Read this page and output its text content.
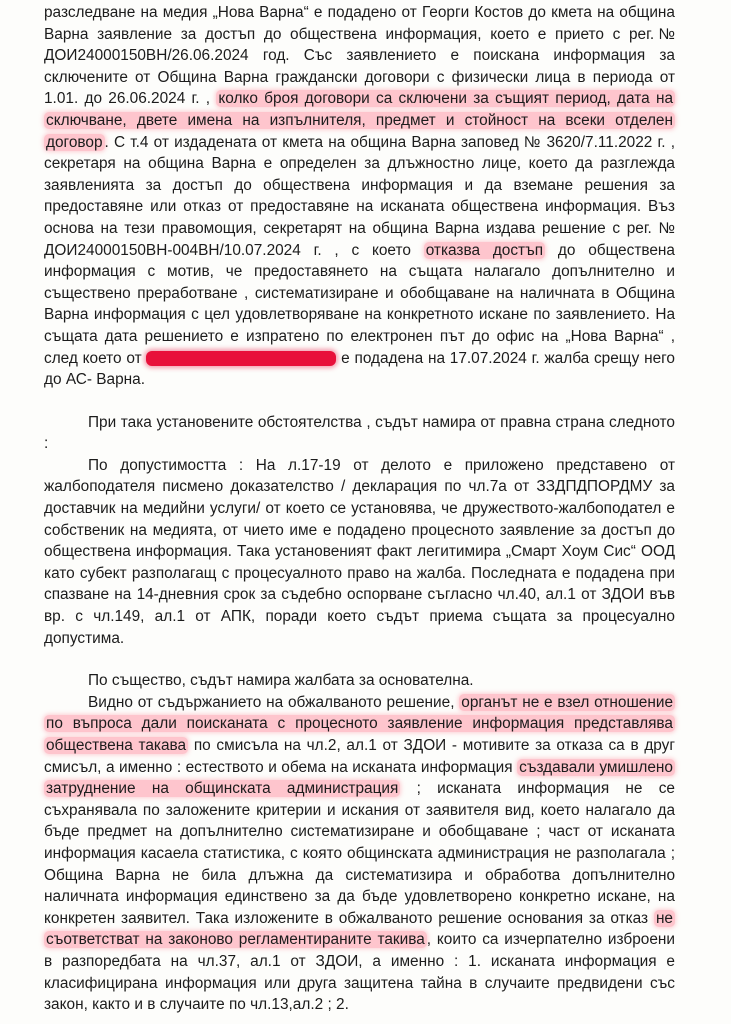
разследване на медия „Нова Варна“ е подадено от Георги Костов до кмета на община Варна заявление за достъп до обществена информация, което е прието с рег.№ ДОИ24000150ВН/26.06.2024 год. Със заявлението е поискана информация за сключените от Община Варна граждански договори с физически лица в периода от 1.01. до 26.06.2024 г. , колко броя договори са сключени за същият период, дата на сключване, двете имена на изпълнителя, предмет и стойност на всеки отделен договор . С т.4 от издадената от кмета на община Варна заповед № 3620/7.11.2022 г. , секретаря на община Варна е определен за длъжностно лице, което да разглежда заявленията за достъп до обществена информация и да вземане решения за предоставяне или отказ от предоставяне на исканата обществена информация. Въз основа на тези правомощия, секретарят на община Варна издава решение с рег. № ДОИ24000150ВН-004ВН/10.07.2024 г. , с което отказва достъп до обществена информация с мотив, че предоставянето на същата налагало допълнително и съществено преработване , систематизиране и обобщаване на наличната в Община Варна информация с цел удовлетворяване на конкретното искане по заявлението. На същата дата решението е изпратено по електронен път до офис на „Нова Варна“ , след което от	е подадена на 17.07.2024 г. жалба срещу него до АС- Варна.

При така установените обстоятелства , съдът намира от правна страна следното :

По допустимостта : На л.17-19 от делото е приложено представено от жалбоподателя писмено доказателство / декларация по чл.7а от ЗЗДПДПОРДМУ за доставчик на медийни услуги/ от което се установява, че дружеството-жалбоподател е собственик на медията, от чието име е подадено процесното заявление за достъп до обществена информация. Така установеният факт легитимира „Смарт Хоум Сис“ ООД като субект разполагащ с процесуалното право на жалба. Последната е подадена при спазване на 14-дневния срок за съдебно оспорване съгласно чл.40, ал.1 от ЗДОИ във вр. с чл.149, ал.1 от АПК, поради което съдът приема същата за процесуално допустима.

По същество, съдът намира жалбата за основателна.

Видно от съдържанието на обжалваното решение, органът не е взел отношение по въпроса дали поисканата с процесното заявление информация представлява обществена такава по смисъла на чл.2, ал.1 от ЗДОИ - мотивите за отказа са в друг смисъл, а именно : естеството и обема на исканата информация създавали умишлено затруднение на общинската администрация ; исканата информация не се съхранявала по заложените критерии и искания от заявителя вид, което налагало да бъде предмет на допълнително систематизиране и обобщаване ; част от исканата информация касаела статистика, с която общинската администрация не разполагала ; Община Варна не била длъжна да систематизира и обработва допълнително наличната информация единствено за да бъде удовлетворено конкретно искане, на конкретен заявител. Така изложените в обжалваното решение основания за отказ не съответстват на законово регламентираните такива , които са изчерпателно изброени в разпоредбата на чл.37, ал.1 от ЗДОИ, а именно : 1. исканата информация е класифицирана информация или друга защитена тайна в случаите предвидени със закон, както и в случаите по чл.13,ал.2 ; 2.
